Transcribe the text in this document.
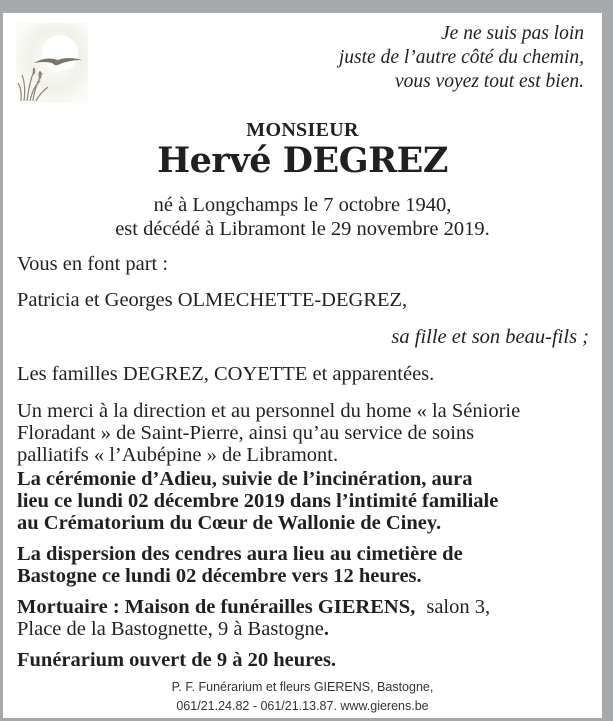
Je ne suis pas loin
juste de l’autre côté du chemin,
vous voyez tout est bien.
MONSIEUR
Hervé DEGREZ
né à Longchamps le 7 octobre 1940,
est décédé à Libramont le 29 novembre 2019.
Vous en font part :
Patricia et Georges OLMECHETTE-DEGREZ,
sa fille et son beau-fils ;
Les familles DEGREZ, COYETTE et apparentées.
Un merci à la direction et au personnel du home « la Séniorie
Floradant » de Saint-Pierre, ainsi qu’au service de soins
palliatifs « l’Aubépine » de Libramont.
La cérémonie d’Adieu, suivie de l’incinération, aura
lieu ce lundi 02 décembre 2019 dans l’intimité familiale
au Crématorium du Cœur de Wallonie de Ciney.
La dispersion des cendres aura lieu au cimetière de
Bastogne ce lundi 02 décembre vers 12 heures.
Mortuaire : Maison de funérailles GIERENS, salon 3,
Place de la Bastognette, 9 à Bastogne.
Funérarium ouvert de 9 à 20 heures.
P. F. Funérarium et fleurs GIERENS, Bastogne,
061/21.24.82 - 061/21.13.87. www.gierens.be
